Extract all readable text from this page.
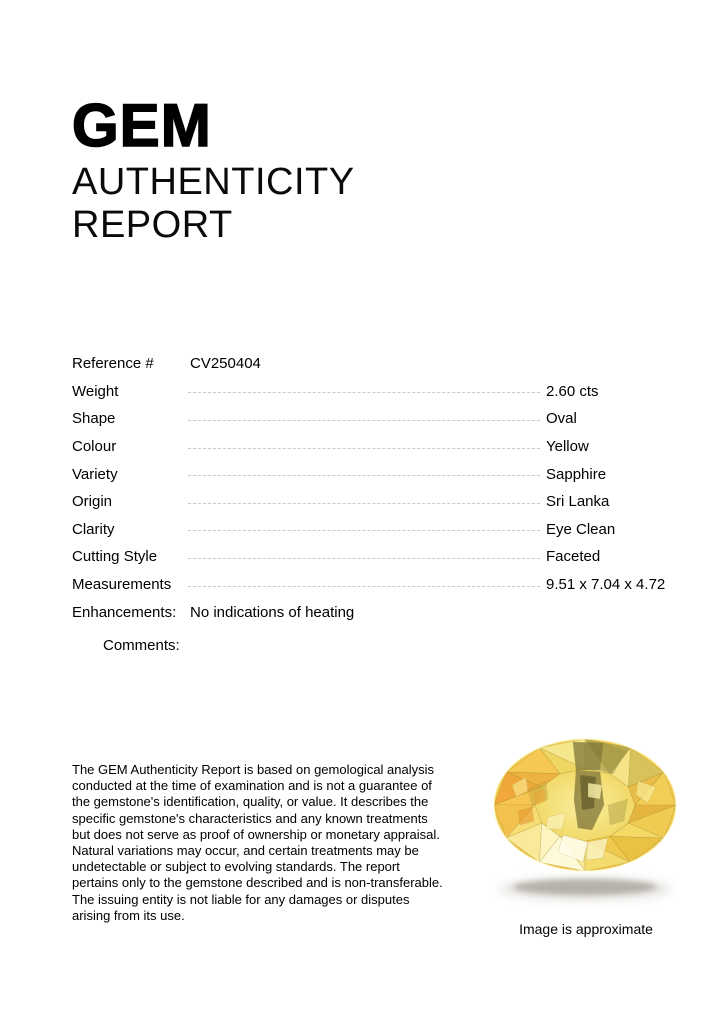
GEM
AUTHENTICITY REPORT
Reference #	CV250404
Weight	2.60 cts
Shape	Oval
Colour	Yellow
Variety	Sapphire
Origin	Sri Lanka
Clarity	Eye Clean
Cutting Style	Faceted
Measurements	9.51 x 7.04 x 4.72
Enhancements: No indications of heating
Comments:
The GEM Authenticity Report is based on gemological analysis conducted at the time of examination and is not a guarantee of the gemstone's identification, quality, or value. It describes the specific gemstone's characteristics and any known treatments but does not serve as proof of ownership or monetary appraisal. Natural variations may occur, and certain treatments may be undetectable or subject to evolving standards. The report pertains only to the gemstone described and is non-transferable. The issuing entity is not liable for any damages or disputes arising from its use.
Image is approximate
